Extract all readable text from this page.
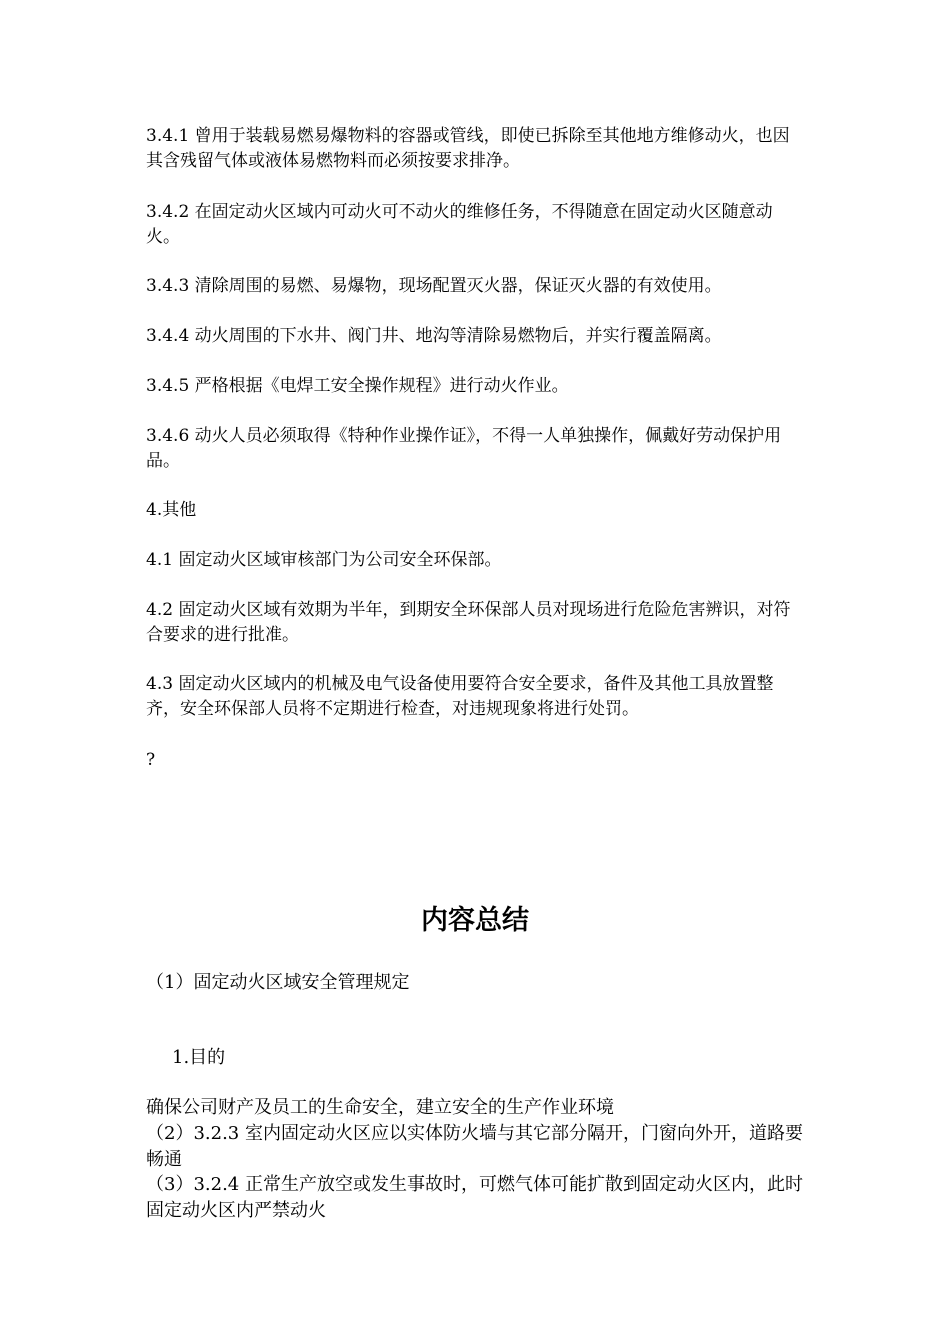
3.4.1 曾用于装载易燃易爆物料的容器或管线，即使已拆除至其他地方维修动火，也因其含残留气体或液体易燃物料而必须按要求排净。

3.4.2 在固定动火区域内可动火可不动火的维修任务，不得随意在固定动火区随意动火。

3.4.3 清除周围的易燃、易爆物，现场配置灭火器，保证灭火器的有效使用。

3.4.4 动火周围的下水井、阀门井、地沟等清除易燃物后，并实行覆盖隔离。

3.4.5 严格根据《电焊工安全操作规程》进行动火作业。

3.4.6 动火人员必须取得《特种作业操作证》，不得一人单独操作，佩戴好劳动保护用品。

4.其他

4.1 固定动火区域审核部门为公司安全环保部。

4.2 固定动火区域有效期为半年，到期安全环保部人员对现场进行危险危害辨识，对符合要求的进行批准。

4.3 固定动火区域内的机械及电气设备使用要符合安全要求，备件及其他工具放置整齐，安全环保部人员将不定期进行检查，对违规现象将进行处罚。

?

内容总结

（1）固定动火区域安全管理规定

1.目的

确保公司财产及员工的生命安全，建立安全的生产作业环境

（2）3.2.3 室内固定动火区应以实体防火墙与其它部分隔开，门窗向外开，道路要畅通

（3）3.2.4 正常生产放空或发生事故时，可燃气体可能扩散到固定动火区内，此时固定动火区内严禁动火
